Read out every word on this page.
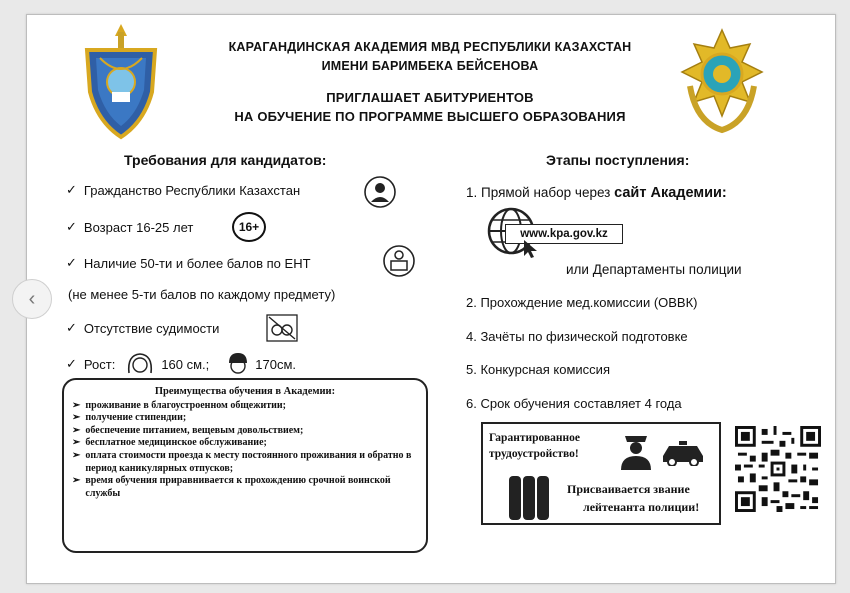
‹
КАРАГАНДИНСКАЯ АКАДЕМИЯ МВД РЕСПУБЛИКИ КАЗАХСТАН
ИМЕНИ БАРИМБЕКА БЕЙСЕНОВА
ПРИГЛАШАЕТ АБИТУРИЕНТОВ
НА ОБУЧЕНИЕ ПО ПРОГРАММЕ ВЫСШЕГО ОБРАЗОВАНИЯ
Требования для кандидатов:	Этапы поступления:
✓ Гражданство Республики Казахстан
✓ Возраст 16-25 лет	16+
✓ Наличие 50-ти и более балов по ЕНТ
(не менее 5-ти балов по каждому предмету)
✓ Отсутствие судимости
✓ Рост:	160 см.;	170см.
Преимущества обучения в Академии:
➢ проживание в благоустроенном общежитии;
➢ получение стипендии;
➢ обеспечение питанием, вещевым довольствием;
➢ бесплатное медицинское обслуживание;
➢ оплата стоимости проезда к месту постоянного проживания и обратно в период каникулярных отпусков;
➢ время обучения приравнивается к прохождению срочной воинской службы
1. Прямой набор через сайт Академии:
www.kpa.gov.kz
или Департаменты полиции
2. Прохождение мед.комиссии (ОВВК)
4. Зачёты по физической подготовке
5. Конкурсная комиссия
6. Срок обучения составляет 4 года
Гарантированное
трудоустройство!
Присваивается звание
лейтенанта полиции!
